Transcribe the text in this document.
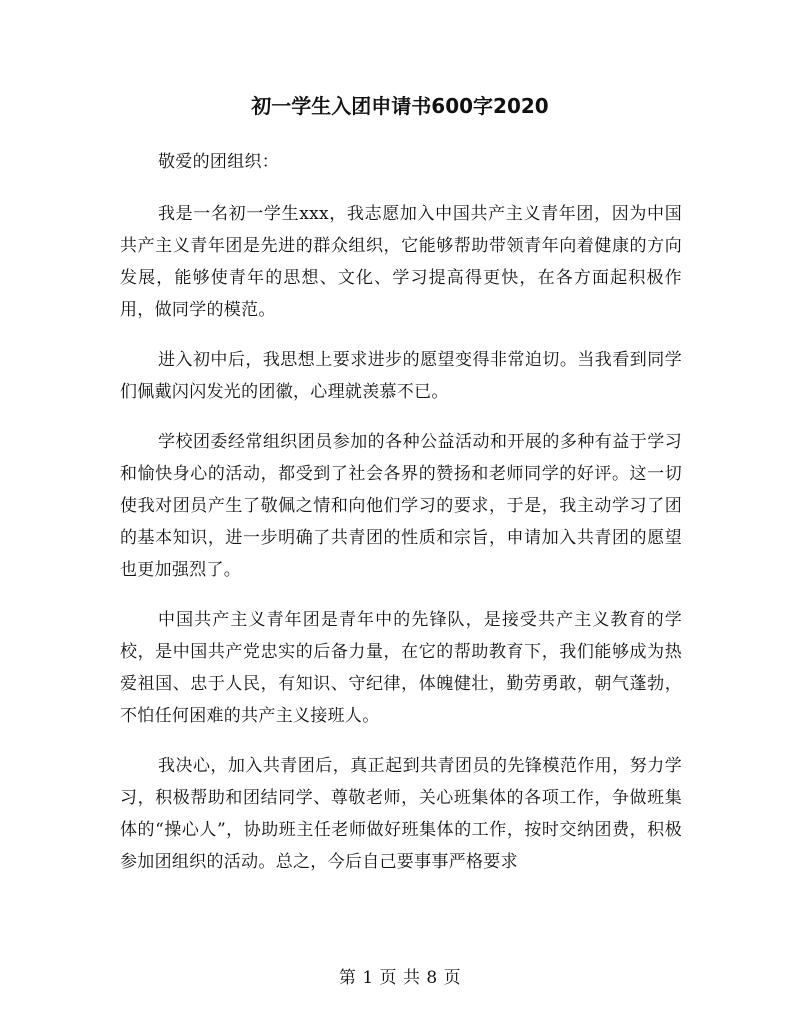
初一学生入团申请书600字2020

敬爱的团组织：

我是一名初一学生xxx，我志愿加入中国共产主义青年团，因为中国共产主义青年团是先进的群众组织，它能够帮助带领青年向着健康的方向发展，能够使青年的思想、文化、学习提高得更快，在各方面起积极作用，做同学的模范。

进入初中后，我思想上要求进步的愿望变得非常迫切。当我看到同学们佩戴闪闪发光的团徽，心理就羡慕不已。

学校团委经常组织团员参加的各种公益活动和开展的多种有益于学习和愉快身心的活动，都受到了社会各界的赞扬和老师同学的好评。这一切使我对团员产生了敬佩之情和向他们学习的要求，于是，我主动学习了团的基本知识，进一步明确了共青团的性质和宗旨，申请加入共青团的愿望也更加强烈了。

中国共产主义青年团是青年中的先锋队，是接受共产主义教育的学校，是中国共产党忠实的后备力量，在它的帮助教育下，我们能够成为热爱祖国、忠于人民，有知识、守纪律，体魄健壮，勤劳勇敢，朝气蓬勃，不怕任何困难的共产主义接班人。

我决心，加入共青团后，真正起到共青团员的先锋模范作用，努力学习，积极帮助和团结同学、尊敬老师，关心班集体的各项工作，争做班集体的“操心人”，协助班主任老师做好班集体的工作，按时交纳团费，积极参加团组织的活动。总之，今后自己要事事严格要求

第 1 页 共 8 页
